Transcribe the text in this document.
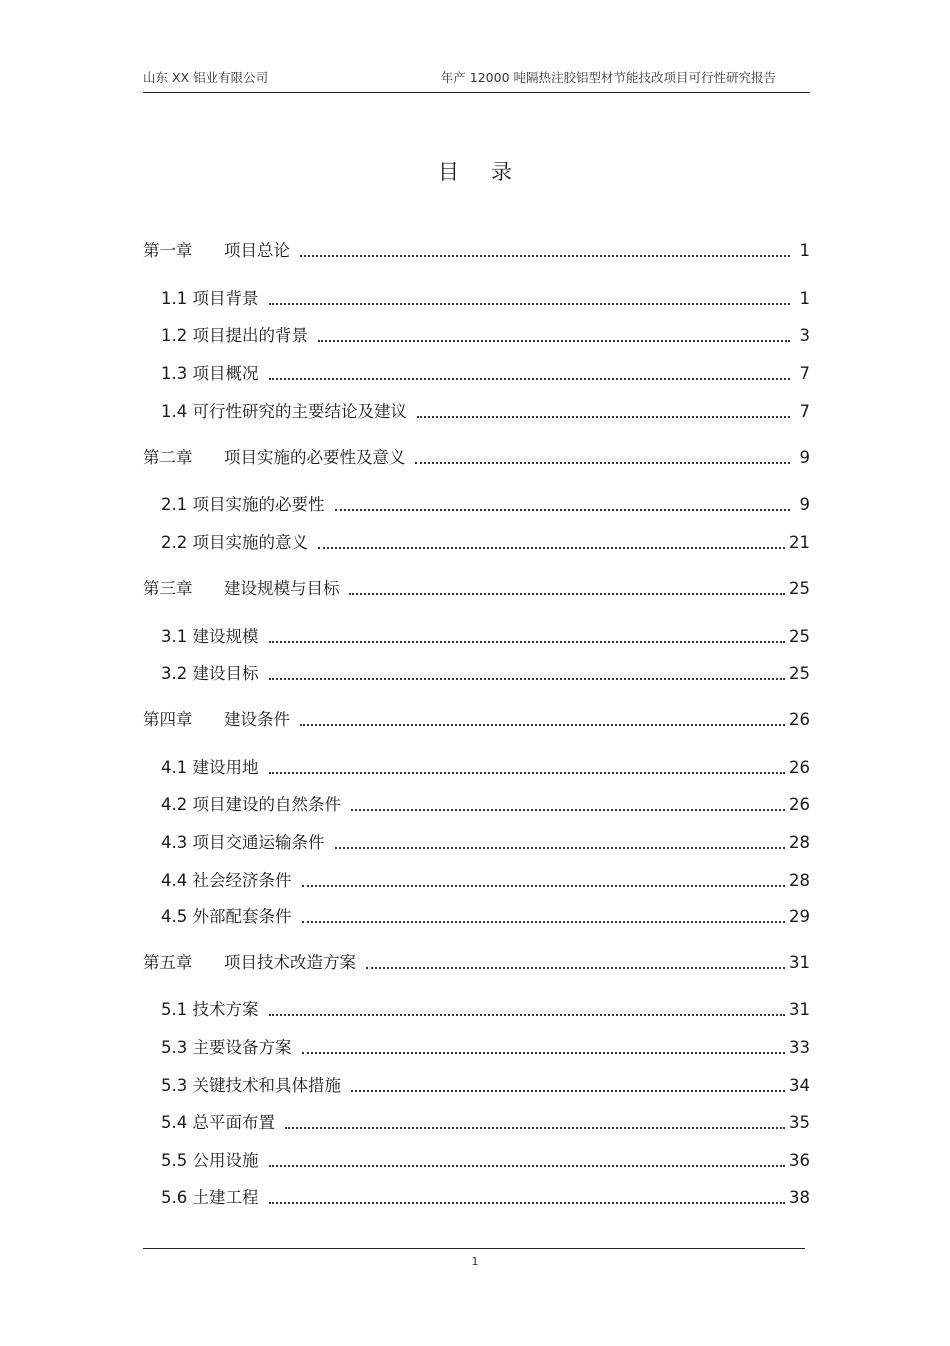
山东 XX 铝业有限公司	年产 12000 吨隔热注胶铝型材节能技改项目可行性研究报告
目录
第一章      项目总论	1
1.1 项目背景	1
1.2 项目提出的背景	3
1.3 项目概况	7
1.4 可行性研究的主要结论及建议	7
第二章      项目实施的必要性及意义	9
2.1 项目实施的必要性	9
2.2 项目实施的意义	21
第三章      建设规模与目标	25
3.1 建设规模	25
3.2 建设目标	25
第四章      建设条件	26
4.1 建设用地	26
4.2 项目建设的自然条件	26
4.3 项目交通运输条件	28
4.4 社会经济条件	28
4.5 外部配套条件	29
第五章      项目技术改造方案	31
5.1 技术方案	31
5.3 主要设备方案	33
5.3 关键技术和具体措施	34
5.4 总平面布置	35
5.5 公用设施	36
5.6 土建工程	38
1
